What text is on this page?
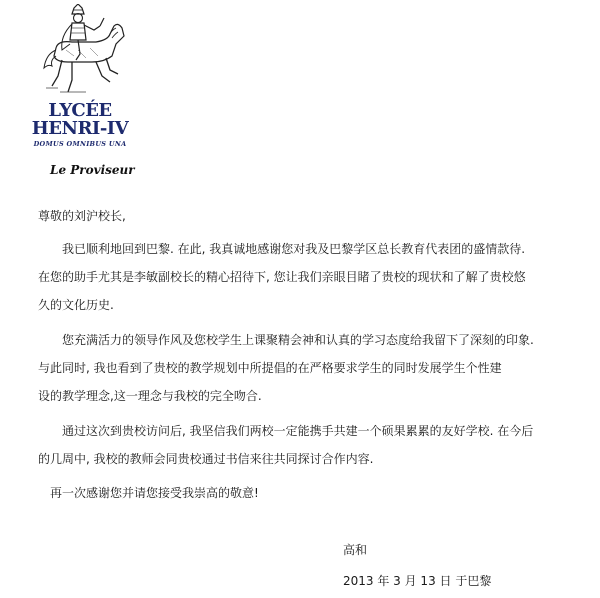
LYCÉE
HENRI-IV
DOMUS OMNIBUS UNA
Le Proviseur
尊敬的刘沪校长,
我已顺利地回到巴黎. 在此, 我真诚地感谢您对我及巴黎学区总长教育代表团的盛情款待.
在您的助手尤其是李敏副校长的精心招待下, 您让我们亲眼目睹了贵校的现状和了解了贵校悠
久的文化历史.
您充满活力的领导作风及您校学生上课聚精会神和认真的学习态度给我留下了深刻的印象.
与此同时, 我也看到了贵校的教学规划中所提倡的在严格要求学生的同时发展学生个性建
设的教学理念,这一理念与我校的完全吻合.
通过这次到贵校访问后, 我坚信我们两校一定能携手共建一个硕果累累的友好学校. 在今后
的几周中, 我校的教师会同贵校通过书信来往共同探讨合作内容.
再一次感谢您并请您接受我崇高的敬意!
高和
2013 年 3 月 13 日 于巴黎
